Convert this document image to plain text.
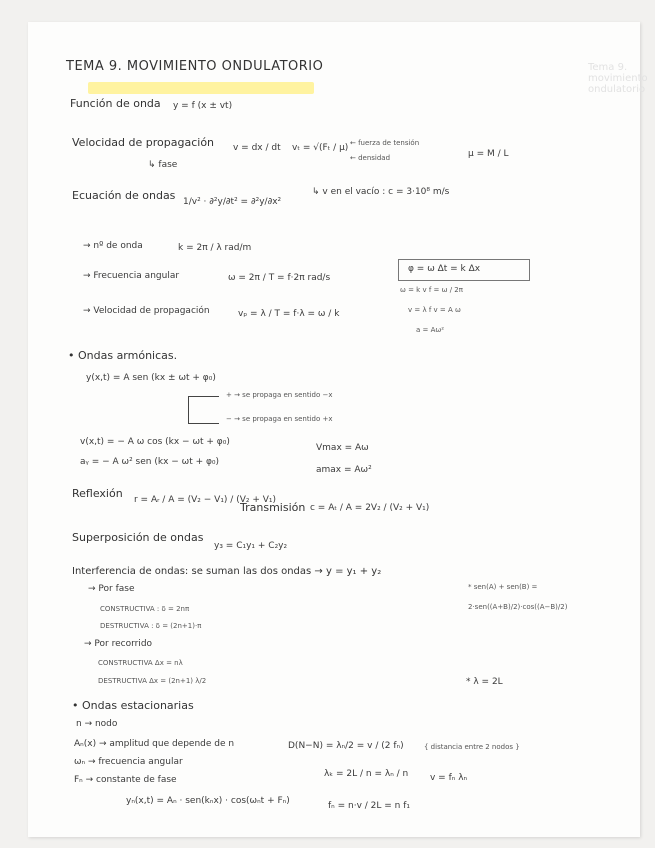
Tema 9. movimiento ondulatorio
TEMA 9. MOVIMIENTO ONDULATORIO
Función de onda y = f (x ± vt)
Velocidad de propagación
↳ fase
v = dx / dt vₜ = √(Fₜ / μ) ← fuerza de tensión
← densidad	μ = M / L
↳ v en el vacío : c = 3·10⁸ m/s
Ecuación de ondas 1/v² · ∂²y/∂t² = ∂²y/∂x²
→ nº de onda	k = 2π / λ rad/m
→ Frecuencia angular	ω = 2π / T = f·2π rad/s
→ Velocidad de propagación	vₚ = λ / T = f·λ = ω / k
φ = ω Δt = k Δx
ω = k v f = ω / 2π
v = λ f v = A ω
a = Aω²
• Ondas armónicas.
y(x,t) = A sen (kx ± ωt + φ₀)
+ → se propaga en sentido −x
− → se propaga en sentido +x
v(x,t) = − A ω cos (kx − ωt + φ₀)
aᵧ = − A ω² sen (kx − ωt + φ₀)
Vmax = Aω
amax = Aω²
Reflexión r = Aᵣ / A = (V₂ − V₁) / (V₂ + V₁)
Transmisión c = Aₜ / A = 2V₂ / (V₂ + V₁)
Superposición de ondas
y₃ = C₁y₁ + C₂y₂
Interferencia de ondas: se suman las dos ondas → y = y₁ + y₂
→ Por fase
CONSTRUCTIVA : δ = 2nπ
DESTRUCTIVA : δ = (2n+1)·π
→ Por recorrido
CONSTRUCTIVA Δx = nλ
DESTRUCTIVA Δx = (2n+1) λ/2
* sen(A) + sen(B) =
2·sen((A+B)/2)·cos((A−B)/2)
* λ = 2L
• Ondas estacionarias
n → nodo
Aₙ(x) → amplitud que depende de n
ωₙ → frecuencia angular
Fₙ → constante de fase
yₙ(x,t) = Aₙ · sen(kₙx) · cos(ωₙt + Fₙ)
D(N−N) = λₙ/2 = v / (2 fₙ)	{ distancia entre 2 nodos }
λₖ = 2L / n = λₙ / n v = fₙ λₙ
fₙ = n·v / 2L = n f₁
